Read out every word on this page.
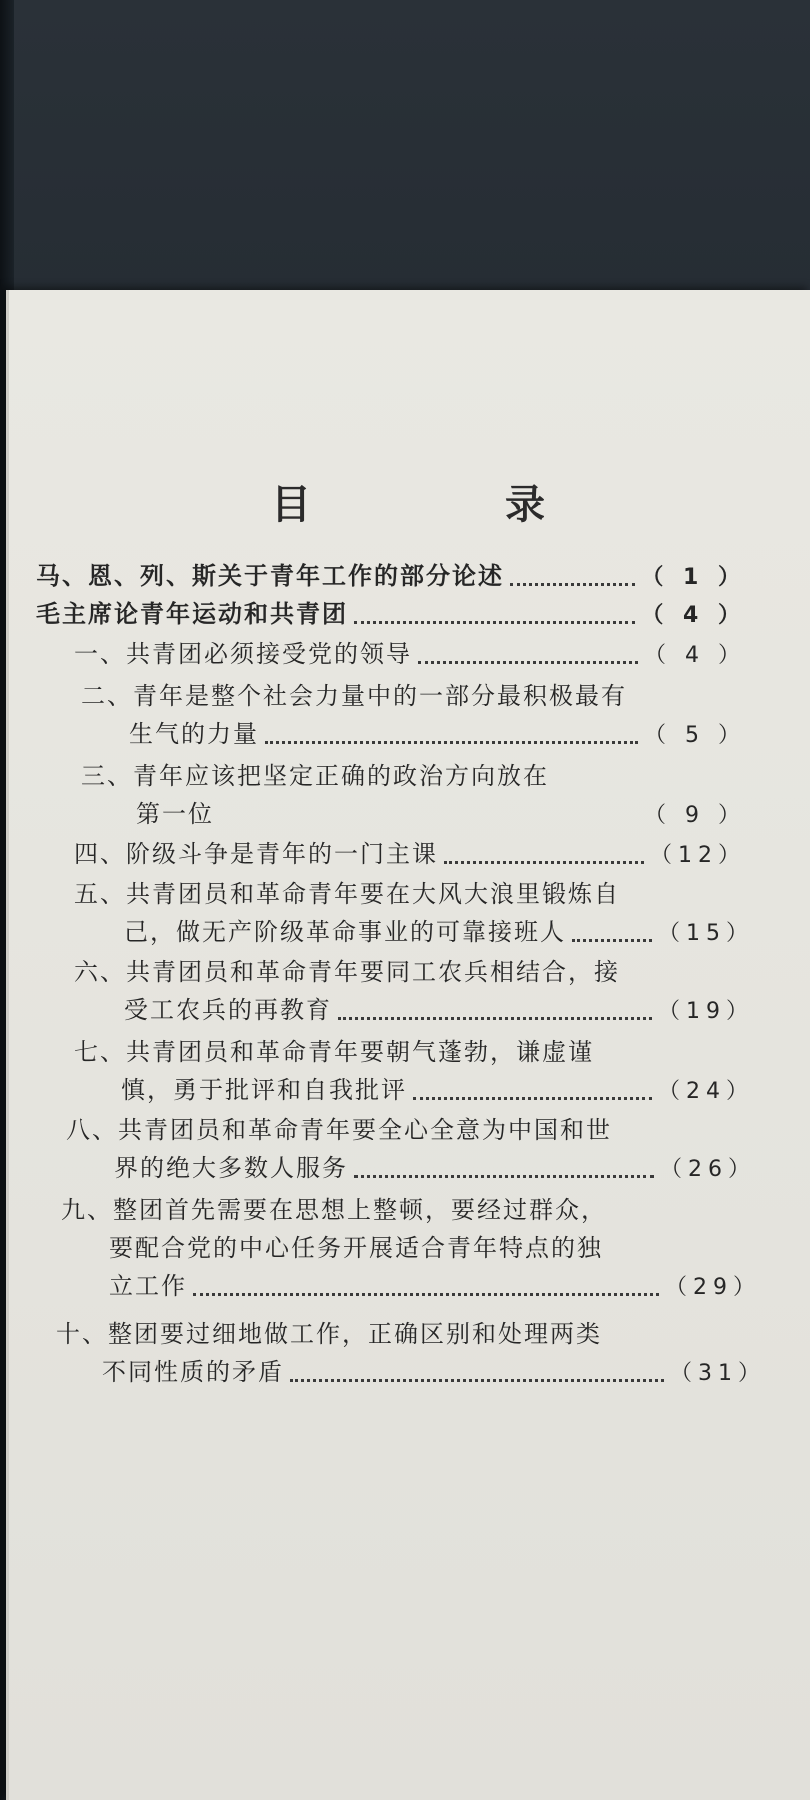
目 录
马、恩、列、斯关于青年工作的部分论述	（ 1 ）
毛主席论青年运动和共青团	（ 4 ）
一、 共青团必须接受党的领导	（ 4 ）
二、 青年是整个社会力量中的一部分最积极最有
生气的力量	（ 5 ）
三、 青年应该把坚定正确的政治方向放在
第一位	（ 9 ）
四、 阶级斗争是青年的一门主课	（12）
五、 共青团员和革命青年要在大风大浪里锻炼自
己，做无产阶级革命事业的可靠接班人	（15）
六、 共青团员和革命青年要同工农兵相结合，接
受工农兵的再教育	（19）
七、 共青团员和革命青年要朝气蓬勃，谦虚谨
慎，勇于批评和自我批评	（24）
八、 共青团员和革命青年要全心全意为中国和世
界的绝大多数人服务	（26）
九、 整团首先需要在思想上整顿，要经过群众，
要配合党的中心任务开展适合青年特点的独
立工作	（29）
十、 整团要过细地做工作，正确区别和处理两类
不同性质的矛盾	（31）
